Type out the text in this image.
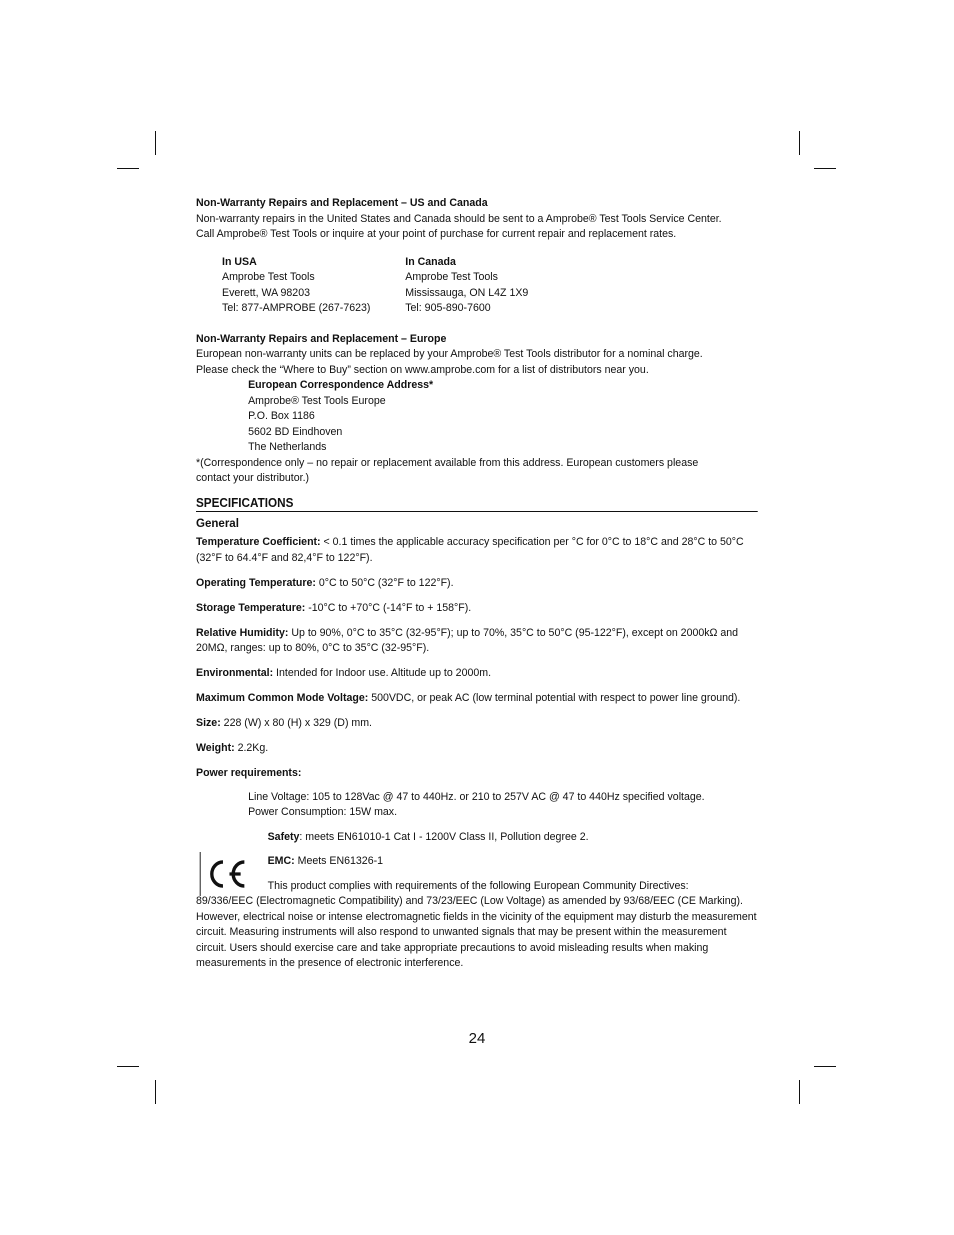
Non-Warranty Repairs and Replacement – US and Canada

Non-warranty repairs in the United States and Canada should be sent to a Amprobe® Test Tools Service Center.

Call Amprobe® Test Tools or inquire at your point of purchase for current repair and replacement rates.

In USA

Amprobe Test Tools

Everett, WA 98203

Tel: 877-AMPROBE (267-7623)

In Canada

Amprobe Test Tools

Mississauga, ON L4Z 1X9

Tel: 905-890-7600

Non-Warranty Repairs and Replacement – Europe

European non-warranty units can be replaced by your Amprobe® Test Tools distributor for a nominal charge.

Please check the “Where to Buy” section on www.amprobe.com for a list of distributors near you.

European Correspondence Address*

Amprobe® Test Tools Europe

P.O. Box 1186

5602 BD Eindhoven

The Netherlands

*(Correspondence only – no repair or replacement available from this address. European customers please

contact your distributor.)

SPECIFICATIONS
General

Temperature Coefficient: < 0.1 times the applicable accuracy specification per °C for 0°C to 18°C and 28°C to 50°C (32°F to 64.4°F and 82,4°F to 122°F).

Operating Temperature: 0°C to 50°C (32°F to 122°F).

Storage Temperature: -10°C to +70°C (-14°F to + 158°F).

Relative Humidity: Up to 90%, 0°C to 35°C (32-95°F); up to 70%, 35°C to 50°C (95-122°F), except on 2000kΩ and 20MΩ, ranges: up to 80%, 0°C to 35°C (32-95°F).

Environmental: Intended for Indoor use. Altitude up to 2000m.

Maximum Common Mode Voltage: 500VDC, or peak AC (low terminal potential with respect to power line ground).

Size: 228 (W) x 80 (H) x 329 (D) mm.

Weight: 2.2Kg.

Power requirements:

Line Voltage: 105 to 128Vac @ 47 to 440Hz. or 210 to 257V AC @ 47 to 440Hz specified voltage.

Power Consumption: 15W max.

Safety: meets EN61010-1 Cat I - 1200V Class II, Pollution degree 2.

EMC: Meets EN61326-1

This product complies with requirements of the following European Community Directives:

89/336/EEC (Electromagnetic Compatibility) and 73/23/EEC (Low Voltage) as amended by 93/68/EEC (CE Marking). However, electrical noise or intense electromagnetic fields in the vicinity of the equipment may disturb the measurement circuit. Measuring instruments will also respond to unwanted signals that may be present within the measurement circuit. Users should exercise care and take appropriate precautions to avoid misleading results when making measurements in the presence of electronic interference.

24
